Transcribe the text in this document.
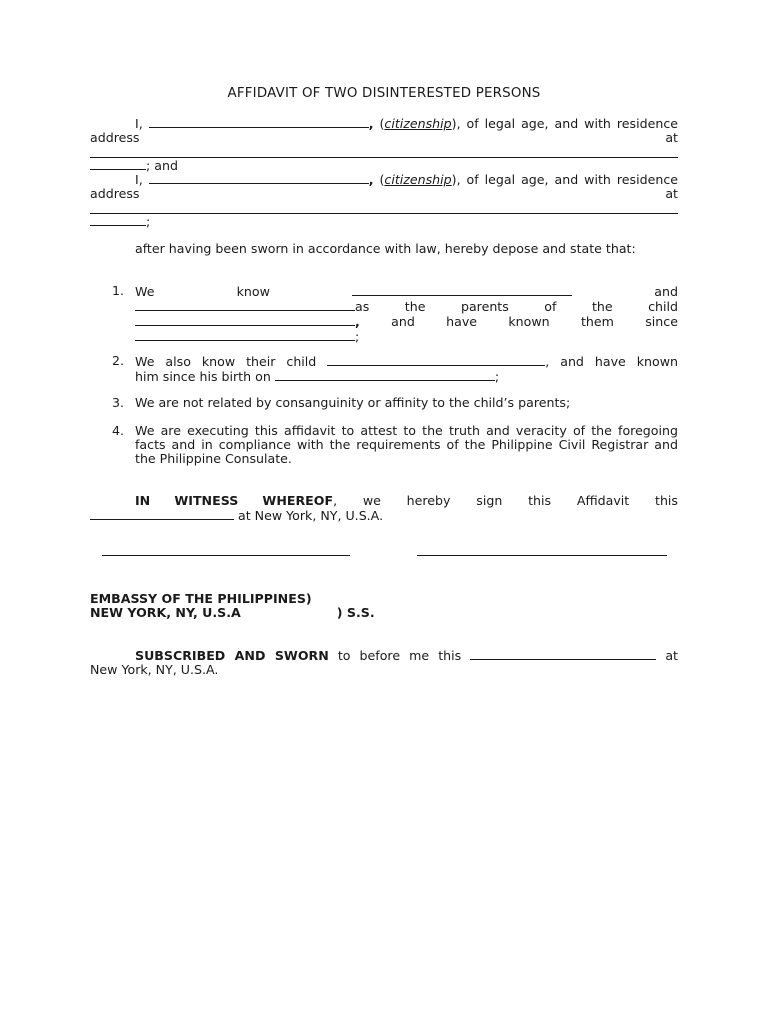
AFFIDAVIT OF TWO DISINTERESTED PERSONS
I,	, (citizenship), of legal age, and with residence address	at
; and
I,	, (citizenship), of legal age, and with residence address	at
;
after having been sworn in accordance with law, hereby depose and state that:
1. We	know	and
as	the	parents	of	the	child
, and have known them since
;
2. We also know their child	, and have known
him since his birth on	;
3. We are not related by consanguinity or affinity to the child’s parents;
4. We are executing this affidavit to attest to the truth and veracity of the foregoing facts and in compliance with the requirements of the Philippine Civil Registrar and the Philippine Consulate.
IN WITNESS WHEREOF, we hereby sign this Affidavit this
at New York, NY, U.S.A.
EMBASSY OF THE PHILIPPINES)
NEW YORK, NY, U.S.A	) S.S.
SUBSCRIBED AND SWORN to before me this	at
New York, NY, U.S.A.
